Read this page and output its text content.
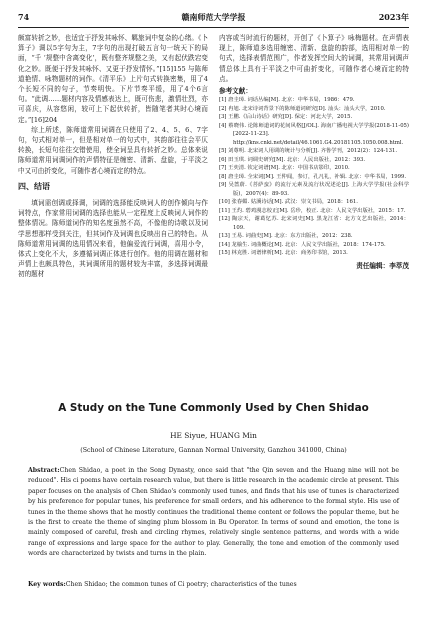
74	赣南师范大学学报	2023年

颇富转折之妙，也适宜于抒发其咏怀、羁旅词中复杂的心绪。《卜算子》调以5字句为主，7字句的出现打破五言句一统天下的局面，“千 ‘规整中含离变化’，既有整齐规整之美，又有起伏跌宕变化之妙。既便于抒发其咏怀、又更于抒发情怀。”[15]155 与陈师道艳情、咏物题材的词作。《清平乐》上片句式转换密集，用了4个长短不同的句子，节奏明快。下片节奏平缓，用了4个6言句。“此调……题材内容及情感表达上，既可伤悲，激情壮烈，亦可喜庆，从容悠闲，较可上下起伏转折，皆随笔者其时心境而定。”[16]204

综上所述，陈师道常用词调在只使用了2、4、5、6、7字句，句式相对单一，但是相对单一的句式中，其韵部往往会平仄转换，长短句往往交错使用，使全词呈具有转折之妙。总体来说陈师道常用词调词作的声情特征是缠密、清新、盘旋，于平淡之中又可由折变化，可随作者心境而定的特点。

四、结语

填词需创调或择调，词调的选择能反映词人的创作倾向与作词特点，作家常用词调的选择也能从一定程度上反映词人词作的整体情况。陈师道词作的知名度虽然不高，不像他的诗歌以及词学思想那样受到关注，但其词作及词调也反映出自己的特色。从陈师道常用词调的选用情况来看，他偏爱流行词调，喜用小令，体式上变化不大，多遵循词调正体进行创作。他的用调在题材和声情上也颇具特色，其词调所用的题材较为丰富，多选择词调最初的题材

内容或当时流行的题材，开创了《卜算子》咏梅题材。在声情表现上，陈师道多选用缠密、清新、盘旋的韵部，选用相对单一的句式，选择表情范围广，作者发挥空间大的词调，其常用词调声情总体上具有于平淡之中可曲折变化，可随作者心境而定的特点。

参考文献：
[1] 唐圭璋. 词话丛编[M]. 北京：中华书局，1986：479.
[2] 冉旭. 北宋诗词背景下的陈师道词研究[D]. 汕头：汕头大学，2010.
[3] 王鹏.《后山诗话》研究[D]. 保定：河北大学，2015.
[4] 蔡晓伟. 论陈师道词的花间风格[J/OL]. 海南广播电视大学学报(2018-11-05)[2022-11-23]. http://kns.cnki.net/detail/46.1061.G4.20181105.1050.008.html.
[5] 刘尊明. 北宋词人用调的统计与分析[J]. 齐鲁学刊，2012(2)：124-131.
[6] 田玉琪. 词调史研究[M]. 北京：人民出版社，2012：393.
[7] 王奕清. 钦定词谱[M]. 北京：中国书店影印，2010.
[8] 唐圭璋. 全宋词[M]. 王仲闻，参订，孔凡礼，补辑. 北京：中华书局，1999.
[9] 吴蔷蔚.《菩萨蛮》的流行元素及流行状况述论[J]. 上海大学学报(社会科学版)，2007(4)：89-93.
[10] 张春媚. 姑溪诗话[M]. 武汉：崇文书局，2018：161.
[11] 王灼. 碧鸡漫志校正[M]. 岳珍，校正. 北京：人民文学出版社，2015：17.
[12] 陶宗天，谢葛忆苏. 北宋词史[M]. 黑龙江省：北方文艺出版社，2014：109.
[13] 王易. 词曲史[M]. 北京：东方出版社，2012：238.
[14] 龙榆生. 词曲概论[M]. 北京：人民文学出版社，2018：174-175.
[15] 林克胜. 词谱律析[M]. 北京：商务印书馆，2013.
责任编辑：李萃茂
A Study on the Tune Commonly Used by Chen Shidao
HE Siyue, HUANG Min
(School of Chinese Literature, Gannan Normal University, Ganzhou 341000, China)
Abstract:Chen Shidao, a poet in the Song Dynasty, once said that "the Qin seven and the Huang nine will not be reduced". His ci poems have certain research value, but there is little research in the academic circle at present. This paper focuses on the analysis of Chen Shidao's commonly used tunes, and finds that his use of tunes is characterized by his preference for popular tunes, his preference for small orders, and his adherence to the formal style. His use of tunes in the theme shows that he mostly continues the traditional theme content or follows the popular theme, but he is the first to create the theme of singing plum blossom in Bu Operator. In terms of sound and emotion, the tone is mainly composed of careful, fresh and circling rhymes, relatively single sentence patterns, and words with a wide range of expressions and large space for the author to play. Generally, the tone and emotion of the commonly used words are characterized by twists and turns in the plain.
Key words:Chen Shidao; the common tunes of Ci poetry; characteristics of the tunes
